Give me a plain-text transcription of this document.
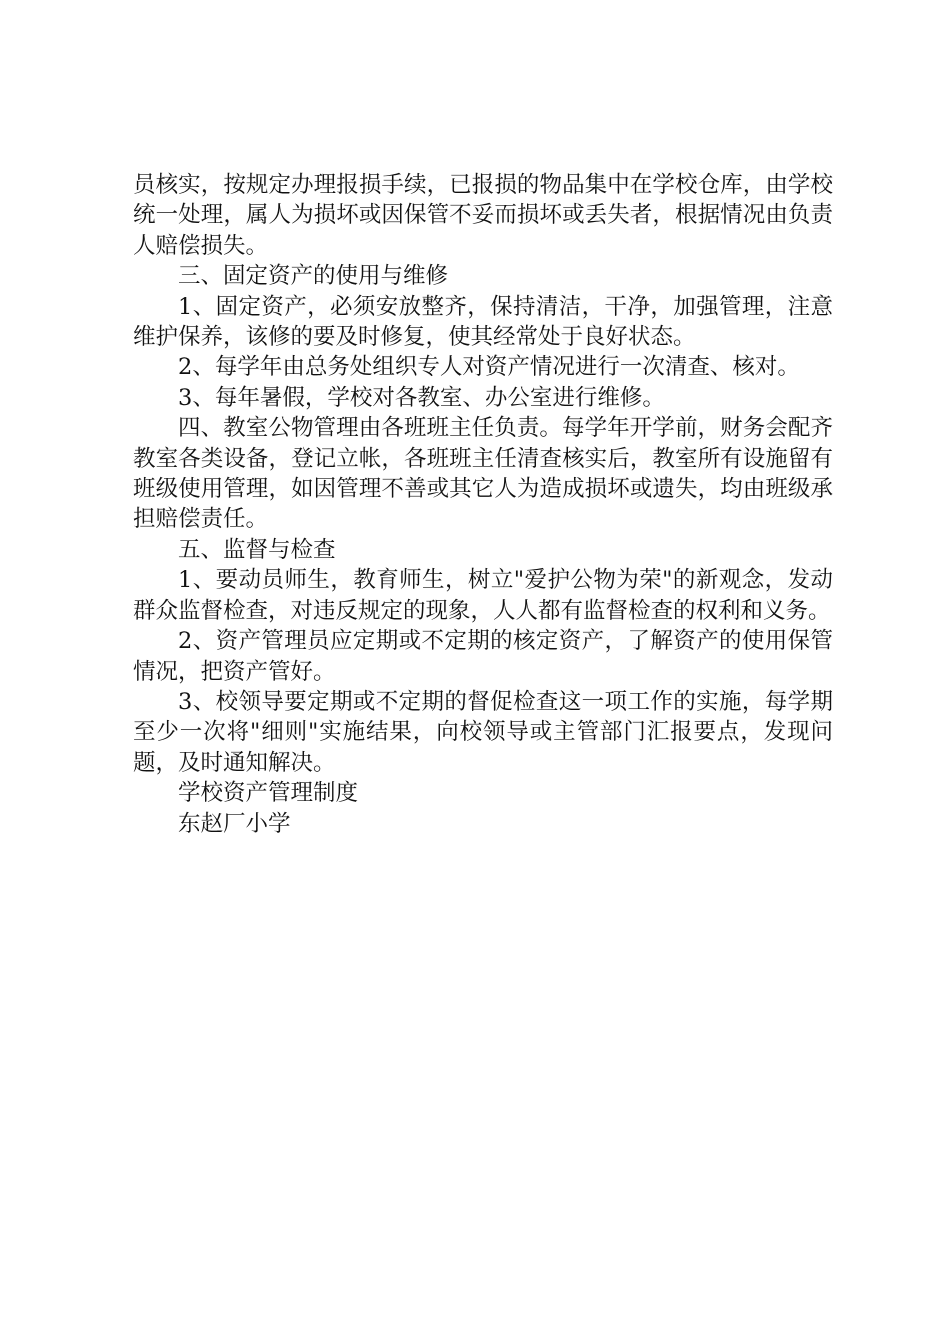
员核实，按规定办理报损手续，已报损的物品集中在学校仓库，由学校统一处理，属人为损坏或因保管不妥而损坏或丢失者，根据情况由负责人赔偿损失。

三、固定资产的使用与维修

1、固定资产，必须安放整齐，保持清洁，干净，加强管理，注意维护保养，该修的要及时修复，使其经常处于良好状态。

2、每学年由总务处组织专人对资产情况进行一次清查、核对。

3、每年暑假，学校对各教室、办公室进行维修。

四、教室公物管理由各班班主任负责。每学年开学前，财务会配齐教室各类设备，登记立帐，各班班主任清查核实后，教室所有设施留有班级使用管理，如因管理不善或其它人为造成损坏或遗失，均由班级承担赔偿责任。

五、监督与检查

1、要动员师生，教育师生，树立"爱护公物为荣"的新观念，发动群众监督检查，对违反规定的现象，人人都有监督检查的权利和义务。

2、资产管理员应定期或不定期的核定资产，了解资产的使用保管情况，把资产管好。

3、校领导要定期或不定期的督促检查这一项工作的实施，每学期至少一次将"细则"实施结果，向校领导或主管部门汇报要点，发现问题，及时通知解决。

学校资产管理制度

东赵厂小学
